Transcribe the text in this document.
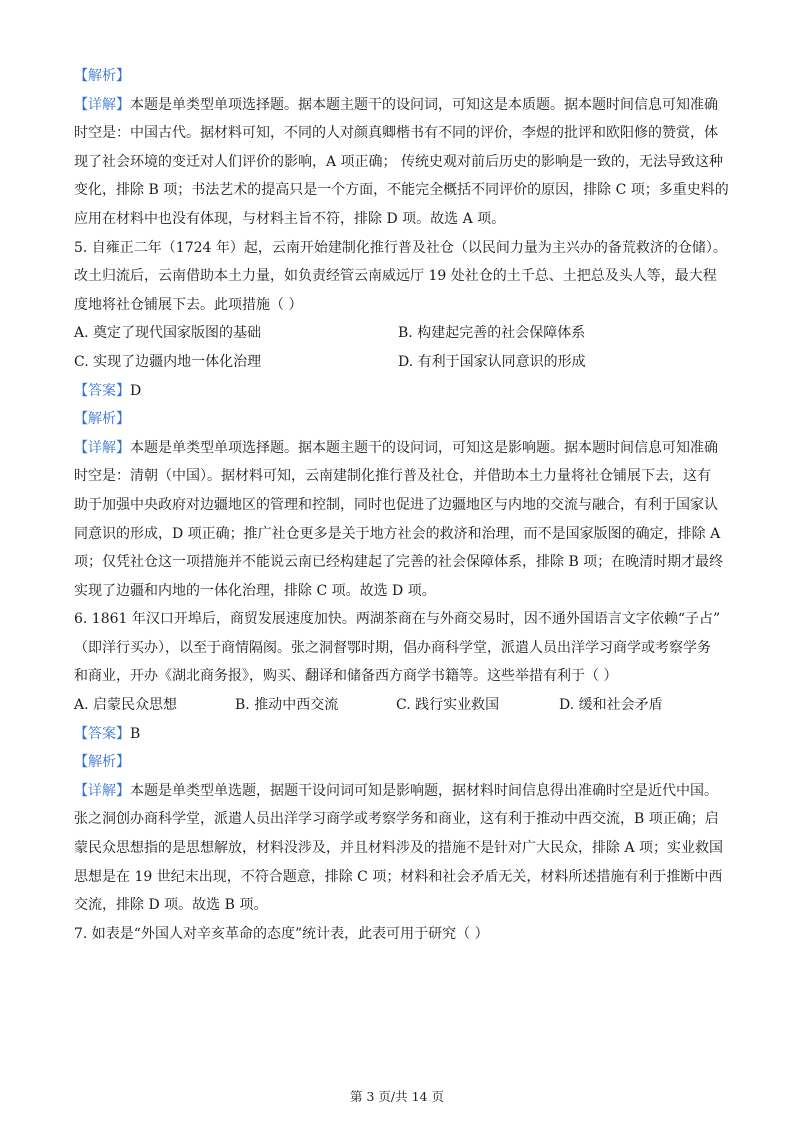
【解析】
【详解】本题是单类型单项选择题。据本题主题干的设问词，可知这是本质题。据本题时间信息可知准确
时空是：中国古代。据材料可知，不同的人对颜真卿楷书有不同的评价，李煜的批评和欧阳修的赞赏，体
现了社会环境的变迁对人们评价的影响，A 项正确； 传统史观对前后历史的影响是一致的，无法导致这种
变化，排除 B 项；书法艺术的提高只是一个方面，不能完全概括不同评价的原因，排除 C 项；多重史料的
应用在材料中也没有体现，与材料主旨不符，排除 D 项。故选 A 项。
5. 自雍正二年（1724 年）起，云南开始建制化推行普及社仓（以民间力量为主兴办的备荒救济的仓储）。
改土归流后，云南借助本土力量，如负责经管云南威远厅 19 处社仓的土千总、土把总及头人等，最大程
度地将社仓铺展下去。此项措施（ ）
A. 奠定了现代国家版图的基础	B. 构建起完善的社会保障体系
C. 实现了边疆内地一体化治理	D. 有利于国家认同意识的形成
【答案】D
【解析】
【详解】本题是单类型单项选择题。据本题主题干的设问词，可知这是影响题。据本题时间信息可知准确
时空是：清朝（中国）。据材料可知，云南建制化推行普及社仓，并借助本土力量将社仓铺展下去，这有
助于加强中央政府对边疆地区的管理和控制，同时也促进了边疆地区与内地的交流与融合，有利于国家认
同意识的形成，D 项正确；推广社仓更多是关于地方社会的救济和治理，而不是国家版图的确定，排除 A
项；仅凭社仓这一项措施并不能说云南已经构建起了完善的社会保障体系，排除 B 项；在晚清时期才最终
实现了边疆和内地的一体化治理，排除 C 项。故选 D 项。
6. 1861 年汉口开埠后，商贸发展速度加快。两湖茶商在与外商交易时，因不通外国语言文字依赖“子占”
（即洋行买办），以至于商情隔阂。张之洞督鄂时期，倡办商科学堂，派遣人员出洋学习商学或考察学务
和商业，开办《湖北商务报》，购买、翻译和储备西方商学书籍等。这些举措有利于（ ）
A. 启蒙民众思想	B. 推动中西交流	C. 践行实业救国	D. 缓和社会矛盾
【答案】B
【解析】
【详解】本题是单类型单选题，据题干设问词可知是影响题，据材料时间信息得出准确时空是近代中国。
张之洞创办商科学堂，派遣人员出洋学习商学或考察学务和商业，这有利于推动中西交流，B 项正确；启
蒙民众思想指的是思想解放，材料没涉及，并且材料涉及的措施不是针对广大民众，排除 A 项；实业救国
思想是在 19 世纪末出现，不符合题意，排除 C 项；材料和社会矛盾无关，材料所述措施有利于推断中西
交流，排除 D 项。故选 B 项。
7. 如表是“外国人对辛亥革命的态度”统计表，此表可用于研究（ ）
第 3 页/共 14 页
